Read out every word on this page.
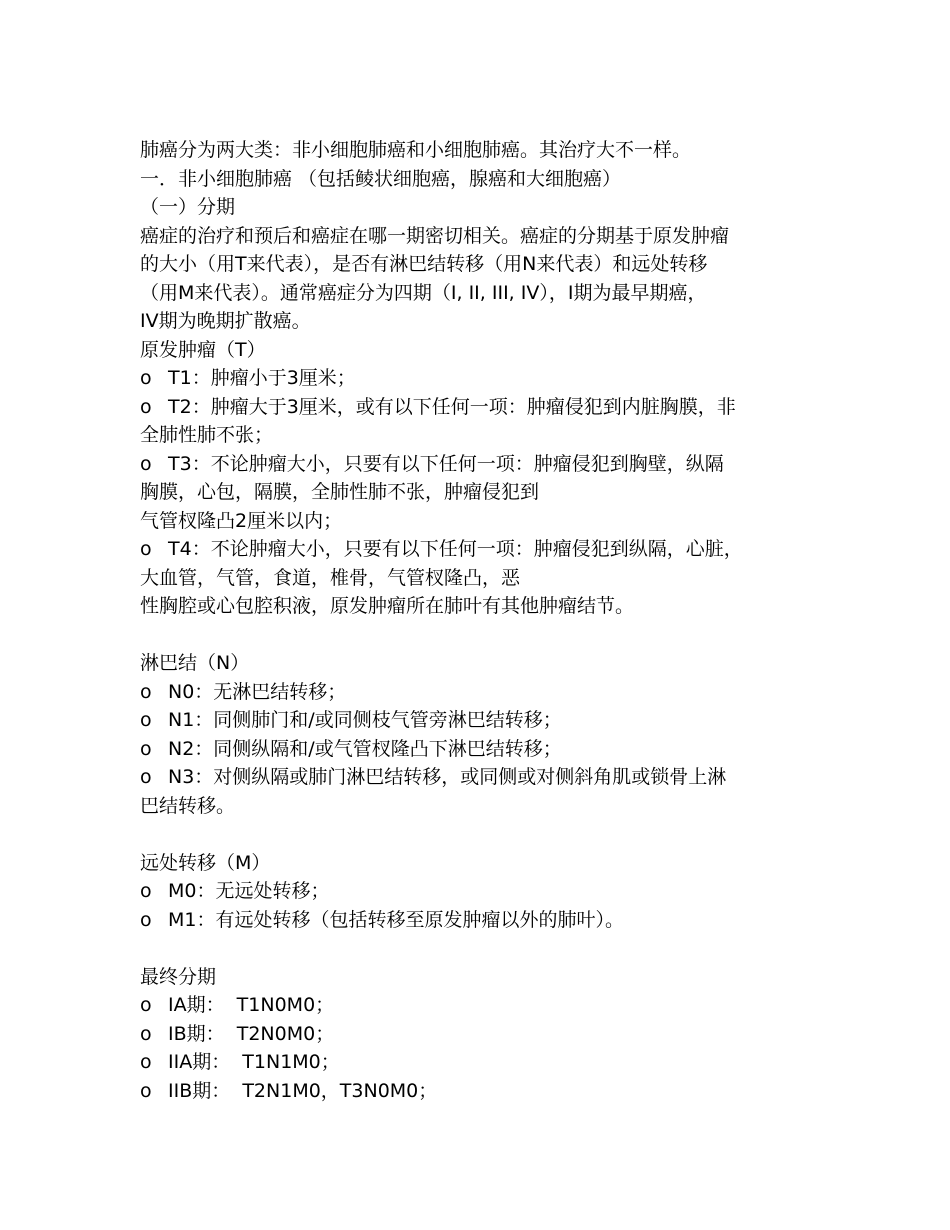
肺癌分为两大类：非小细胞肺癌和小细胞肺癌。其治疗大不一样。
一．非小细胞肺癌 （包括鲮状细胞癌，腺癌和大细胞癌）
（一）分期
癌症的治疗和预后和癌症在哪一期密切相关。癌症的分期基于原发肿瘤
的大小（用T来代表），是否有淋巴结转移（用N来代表）和远处转移
（用M来代表）。通常癌症分为四期（I, II, III, IV），I期为最早期癌，
IV期为晚期扩散癌。
原发肿瘤（T）
o T1：肿瘤小于3厘米；
o T2：肿瘤大于3厘米，或有以下任何一项：肿瘤侵犯到内脏胸膜，非
全肺性肺不张；
o T3：不论肿瘤大小，只要有以下任何一项：肿瘤侵犯到胸壁，纵隔
胸膜，心包，隔膜，全肺性肺不张，肿瘤侵犯到
气管杈隆凸2厘米以内；
o T4：不论肿瘤大小，只要有以下任何一项：肿瘤侵犯到纵隔，心脏，
大血管，气管，食道，椎骨，气管杈隆凸，恶
性胸腔或心包腔积液，原发肿瘤所在肺叶有其他肿瘤结节。
淋巴结（N）
o N0：无淋巴结转移；
o N1：同侧肺门和/或同侧枝气管旁淋巴结转移；
o N2：同侧纵隔和/或气管杈隆凸下淋巴结转移；
o N3：对侧纵隔或肺门淋巴结转移，或同侧或对侧斜角肌或锁骨上淋
巴结转移。
远处转移（M）
o M0：无远处转移；
o M1：有远处转移（包括转移至原发肿瘤以外的肺叶）。
最终分期
o IA期：  T1N0M0；
o IB期：  T2N0M0；
o IIA期：  T1N1M0；
o IIB期：  T2N1M0，T3N0M0；
